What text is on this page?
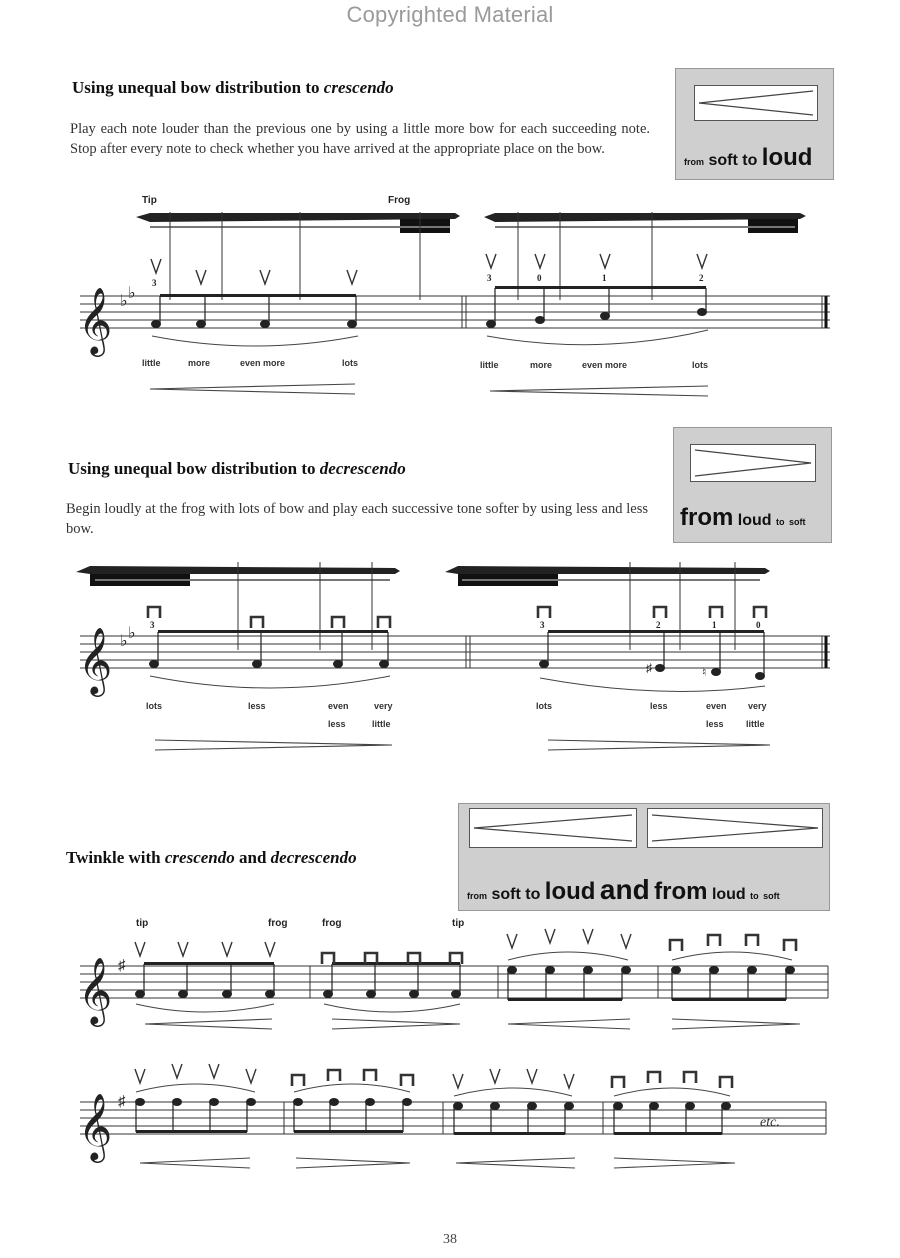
Copyrighted Material
Using unequal bow distribution to crescendo
Play each note louder than the previous one by using a little more bow for each succeeding note. Stop after every note to check whether you have arrived at the appropriate place on the bow.
from soft to loud
Using unequal bow distribution to decrescendo
Begin loudly at the frog with lots of bow and play each successive tone softer by using less and less bow.	from loud to soft
Twinkle with crescendo and decrescendo
from soft to loud and from loud to soft
Tip	Frog
𝄞 ♭ ♭
3	3	0	1	2
little	more	even more	lots	little	more	even more	lots
𝄞 ♭ ♭ 3
♯	♮
3	2	1	0
lots	less	even less
very little
lots	less	even less
very little
tip	frog	frog	tip
𝄞 ♯
𝄞 ♯
etc.
38
